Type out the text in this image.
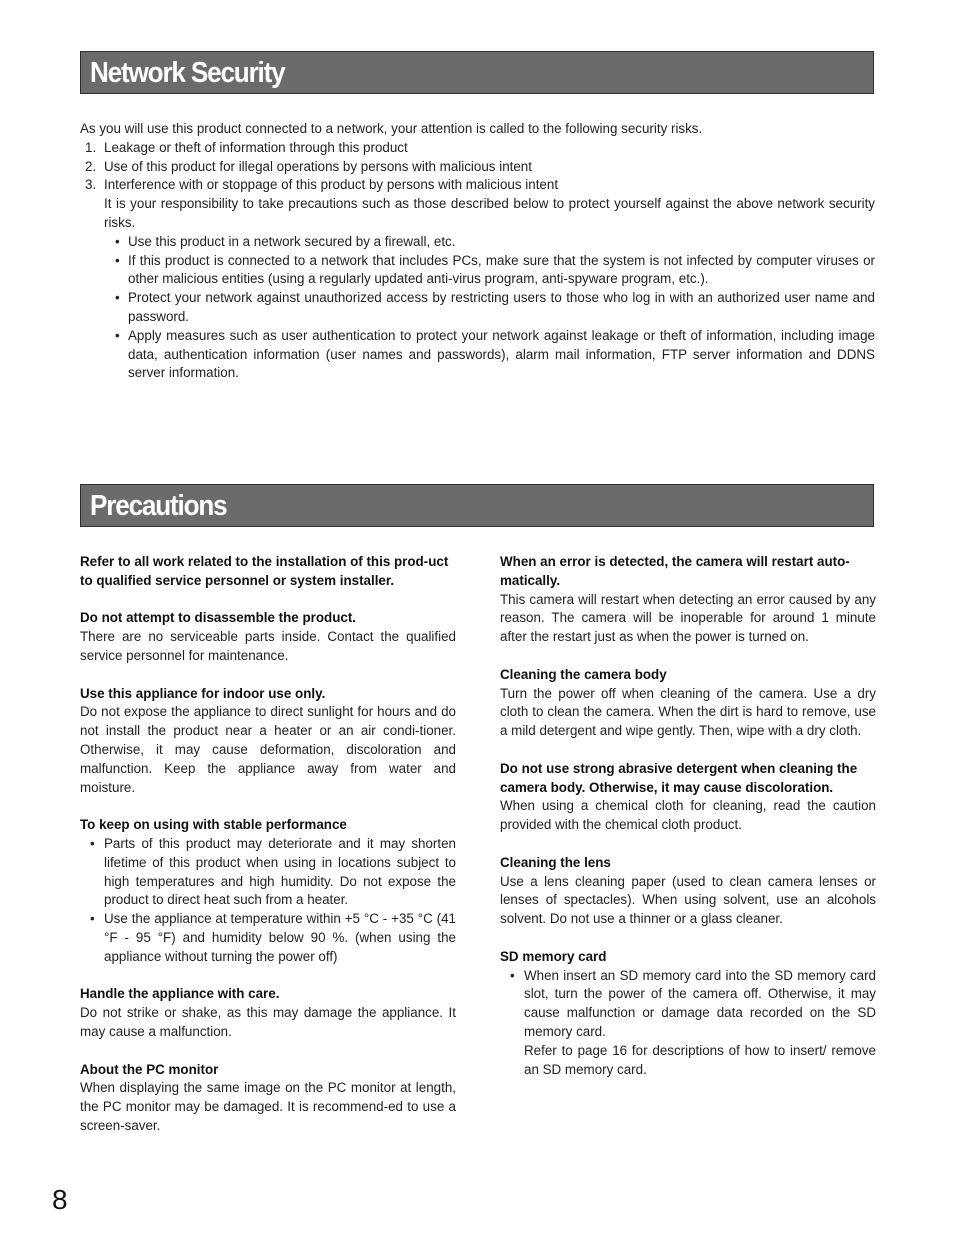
Network Security

As you will use this product connected to a network, your attention is called to the following security risks.

1. Leakage or theft of information through this product
2. Use of this product for illegal operations by persons with malicious intent
3. Interference with or stoppage of this product by persons with malicious intent
It is your responsibility to take precautions such as those described below to protect yourself against the above network security risks.
• Use this product in a network secured by a firewall, etc.
• If this product is connected to a network that includes PCs, make sure that the system is not infected by computer viruses or other malicious entities (using a regularly updated anti-virus program, anti-spyware program, etc.).
• Protect your network against unauthorized access by restricting users to those who log in with an authorized user name and password.
• Apply measures such as user authentication to protect your network against leakage or theft of information, including image data, authentication information (user names and passwords), alarm mail information, FTP server information and DDNS server information.
Precautions
Refer to all work related to the installation of this prod-uct to qualified service personnel or system installer.
Do not attempt to disassemble the product.

There are no serviceable parts inside. Contact the qualified service personnel for maintenance.

Use this appliance for indoor use only.

Do not expose the appliance to direct sunlight for hours and do not install the product near a heater or an air condi-tioner. Otherwise, it may cause deformation, discoloration and malfunction. Keep the appliance away from water and moisture.

To keep on using with stable performance
• Parts of this product may deteriorate and it may shorten lifetime of this product when using in locations subject to high temperatures and high humidity. Do not expose the product to direct heat such from a heater.
• Use the appliance at temperature within +5 °C - +35 °C (41 °F - 95 °F) and humidity below 90 %. (when using the appliance without turning the power off)
Handle the appliance with care.

Do not strike or shake, as this may damage the appliance. It may cause a malfunction.

About the PC monitor

When displaying the same image on the PC monitor at length, the PC monitor may be damaged. It is recommend-ed to use a screen-saver.

When an error is detected, the camera will restart auto-matically.

This camera will restart when detecting an error caused by any reason. The camera will be inoperable for around 1 minute after the restart just as when the power is turned on.

Cleaning the camera body

Turn the power off when cleaning of the camera. Use a dry cloth to clean the camera. When the dirt is hard to remove, use a mild detergent and wipe gently. Then, wipe with a dry cloth.

Do not use strong abrasive detergent when cleaning the camera body. Otherwise, it may cause discoloration.

When using a chemical cloth for cleaning, read the caution provided with the chemical cloth product.

Cleaning the lens

Use a lens cleaning paper (used to clean camera lenses or lenses of spectacles). When using solvent, use an alcohols solvent. Do not use a thinner or a glass cleaner.

SD memory card
• When insert an SD memory card into the SD memory card slot, turn the power of the camera off. Otherwise, it may cause malfunction or damage data recorded on the SD memory card.
Refer to page 16 for descriptions of how to insert/ remove an SD memory card.
8
